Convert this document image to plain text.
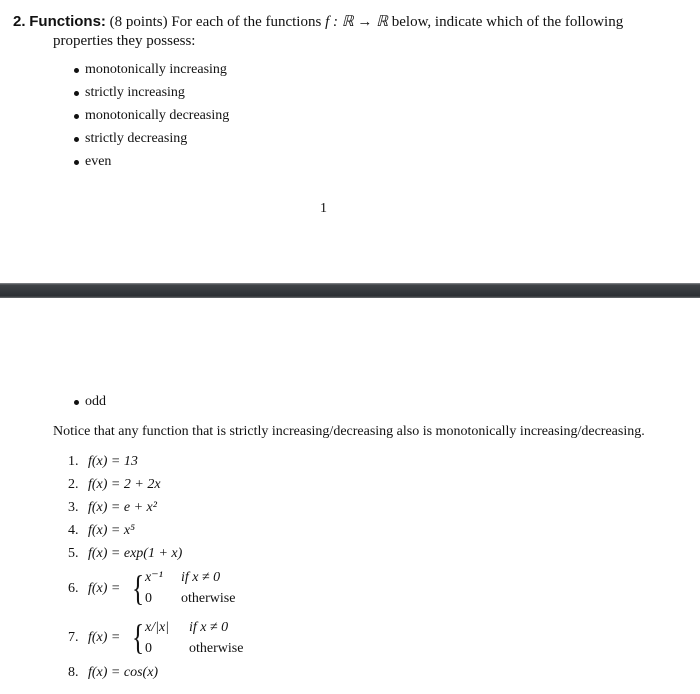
2. Functions: (8 points) For each of the functions f : ℝ → ℝ below, indicate which of the following
properties they possess:
monotonically increasing
strictly increasing
monotonically decreasing
strictly decreasing
even
1
odd
Notice that any function that is strictly increasing/decreasing also is monotonically increasing/decreasing.
1. f(x) = 13
2. f(x) = 2 + 2x
3. f(x) = e + x²
4. f(x) = x⁵
5. f(x) = exp(1 + x)
6. f(x) = { x⁻¹ if x ≠ 0
0 otherwise
7. f(x) = { x/|x| if x ≠ 0
0	otherwise
8. f(x) = cos(x)
